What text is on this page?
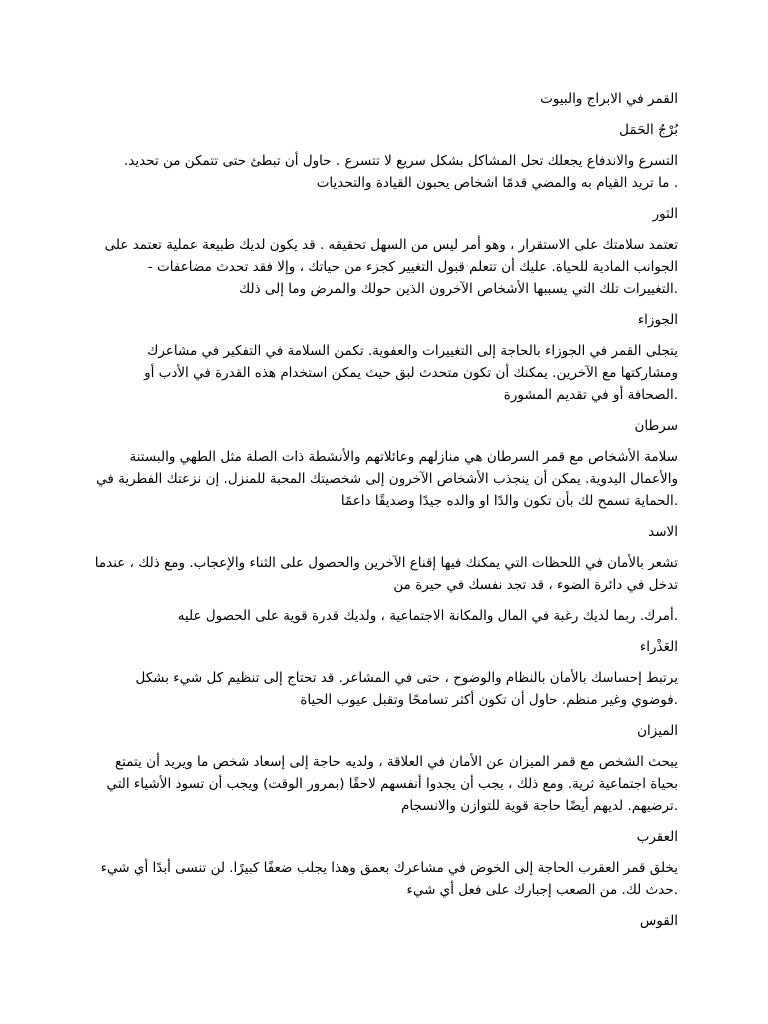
القمر في الابراج والبيوت
بُرْجُ الحَمَل
التسرع والاندفاع يجعلك تحل المشاكل بشكل سريع لا تتسرع . حاول أن تبطئ حتى تتمكن من تحديد.
. ما تريد القيام به والمضي قدمًا اشخاص يحبون القيادة والتحديات
الثور
تعتمد سلامتك على الاستقرار ، وهو أمر ليس من السهل تحقيقه . قد يكون لديك طبيعة عملية تعتمد على
الجوانب المادية للحياة. عليك أن تتعلم قبول التغيير كجزء من حياتك ، وإلا فقد تحدث مضاعفات -
.التغييرات تلك التي يسببها الأشخاص الآخرون الذين حولك والمرض وما إلى ذلك
الجوزاء
يتجلى القمر في الجوزاء بالحاجة إلى التغييرات والعفوية. تكمن السلامة في التفكير في مشاعرك
ومشاركتها مع الآخرين. يمكنك أن تكون متحدث لبق حيث يمكن استخدام هذه القدرة في الأدب أو
.الصحافة أو في تقديم المشورة
سرطان
سلامة الأشخاص مع قمر السرطان هي منازلهم وعائلاتهم والأنشطة ذات الصلة مثل الطهي والبستنة
والأعمال اليدوية. يمكن أن ينجذب الأشخاص الآخرون إلى شخصيتك المحبة للمنزل. إن نزعتك الفطرية في
.الحماية تسمح لك بأن تكون والدًا او والده جيدًا وصديقًا داعمًا
الاسد
تشعر بالأمان في اللحظات التي يمكنك فيها إقناع الآخرين والحصول على الثناء والإعجاب. ومع ذلك ، عندما
تدخل في دائرة الضوء ، قد تجد نفسك في حيرة من
.أمرك. ربما لديك رغبة في المال والمكانة الاجتماعية ، ولديك قدرة قوية على الحصول عليه
العَذْراء
يرتبط إحساسك بالأمان بالنظام والوضوح ، حتى في المشاعر. قد تحتاج إلى تنظيم كل شيء بشكل
.فوضوي وغير منظم. حاول أن تكون أكثر تسامحًا وتقبل عيوب الحياة
الميزان
يبحث الشخص مع قمر الميزان عن الأمان في العلاقة ، ولديه حاجة إلى إسعاد شخص ما ويريد أن يتمتع
بحياة اجتماعية ثرية. ومع ذلك ، يجب أن يجدوا أنفسهم لاحقًا (بمرور الوقت) ويجب أن تسود الأشياء التي
.ترضيهم. لديهم أيضًا حاجة قوية للتوازن والانسجام
العقرب
يخلق قمر العقرب الحاجة إلى الخوض في مشاعرك بعمق وهذا يجلب ضعفًا كبيرًا. لن تنسى أبدًا أي شيء
.حدث لك. من الصعب إجبارك على فعل أي شيء
القوس
